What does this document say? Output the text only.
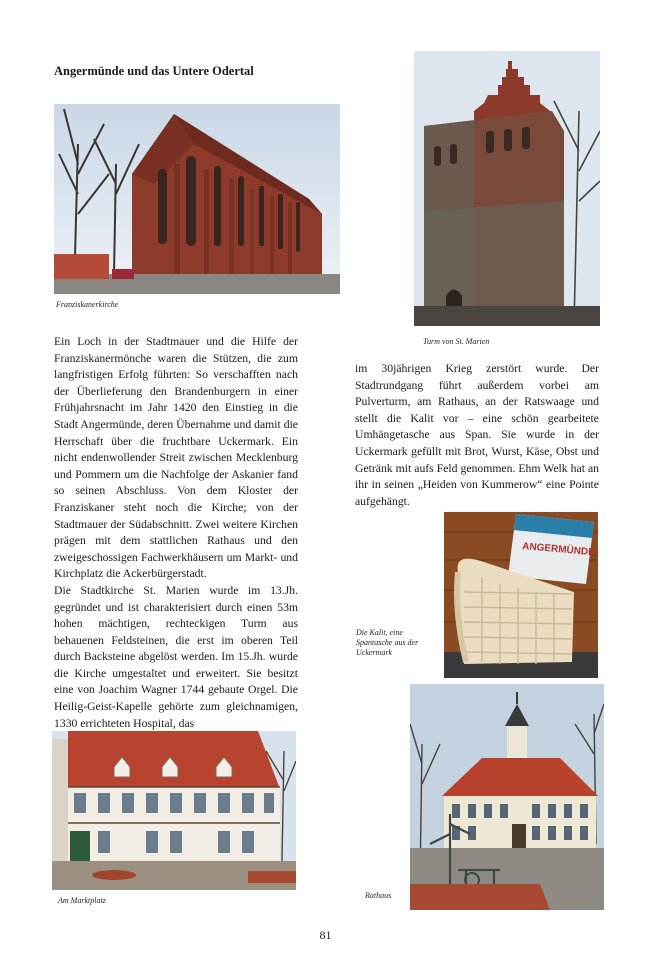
Angermünde und das Untere Odertal
Franziskanerkirche
Turm von St. Marien

Ein Loch in der Stadtmauer und die Hilfe der Franziskanermönche waren die Stützen, die zum langfristigen Erfolg führten: So verschafften nach der Überlieferung den Brandenburgern in einer Frühjahrsnacht im Jahr 1420 den Einstieg in die Stadt Angermünde, deren Übernahme und damit die Herrschaft über die fruchtbare Uckermark. Ein nicht endenwollender Streit zwischen Mecklenburg und Pommern um die Nachfolge der Askanier fand so seinen Abschluss. Von dem Kloster der Franziskaner steht noch die Kirche; von der Stadtmauer der Südabschnitt. Zwei weitere Kirchen prägen mit dem stattlichen Rathaus und den zweigeschossigen Fachwerkhäusern um Markt- und Kirchplatz die Ackerbürgerstadt.

Die Stadtkirche St. Marien wurde im 13.Jh. gegründet und ist charakterisiert durch einen 53m hohen mächtigen, rechteckigen Turm aus behauenen Feldsteinen, die erst im oberen Teil durch Backsteine abgelöst werden. Im 15.Jh. wurde die Kirche umgestaltet und erweitert. Sie besitzt eine von Joachim Wagner 1744 gebaute Orgel. Die Heilig-Geist-Kapelle gehörte zum gleichnamigen, 1330 errichteten Hospital, das

im 30jährigen Krieg zerstört wurde. Der Stadtrundgang führt außerdem vorbei am Pulverturm, am Rathaus, an der Ratswaage und stellt die Kalit vor – eine schön gearbeitete Umhängetasche aus Span. Sie wurde in der Uckermark gefüllt mit Brot, Wurst, Käse, Obst und Getränk mit aufs Feld genommen. Ehm Welk hat an ihr in seinen „Heiden von Kummerow“ eine Pointe aufgehängt.

ANGERMÜNDE
Die Kalit, eine
Spantasche aus der
Uckermark
Am Marktplatz
Rathaus
81
